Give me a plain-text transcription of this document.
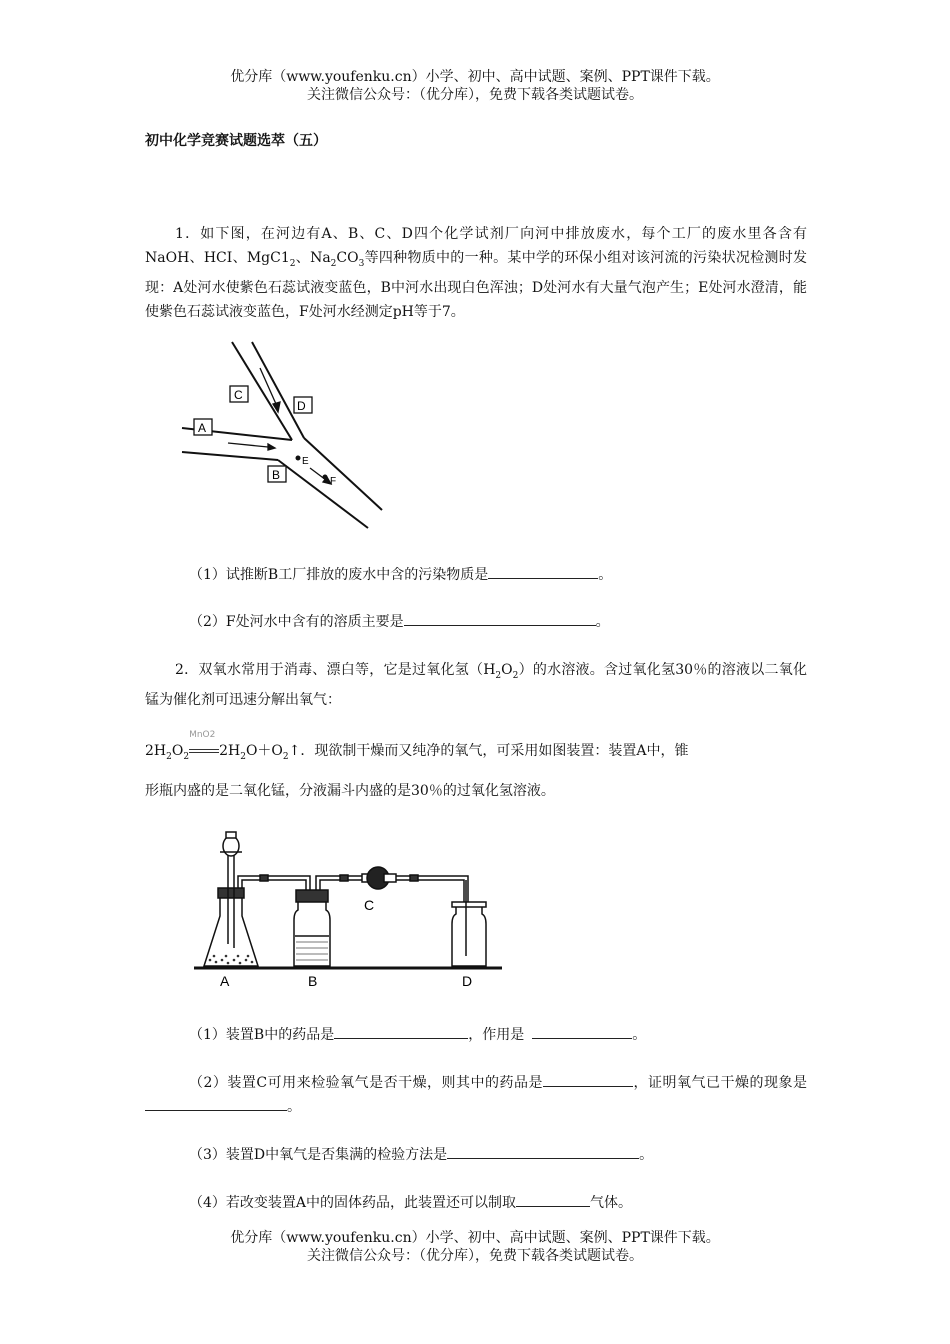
优分库（www.youfenku.cn）小学、初中、高中试题、案例、PPT课件下载。
关注微信公众号：（优分库），免费下载各类试题试卷。
初中化学竞赛试题选萃（五）
1．如下图，在河边有A、B、C、D四个化学试剂厂向河中排放废水，每个工厂的废水里各含有NaOH、HCI、$MgC1_2$、$Na_2CO_3$等四种物质中的一种。某中学的环保小组对该河流的污染状况检测时发现：A处河水使紫色石蕊试液变蓝色，B中河水出现白色浑浊；D处河水有大量气泡产生；E处河水澄清，能使紫色石蕊试液变蓝色，F处河水经测定pH等于7。
C
D
A
B
E
F
（1）试推断B工厂排放的废水中含的污染物质是	。
（2）F处河水中含有的溶质主要是	。
2．双氧水常用于消毒、漂白等，它是过氧化氢$(H_2O_2)$的水溶液。含过氧化氢30％的溶液以二氧化锰为催化剂可迅速分解出氧气：
$2H_2O_2$
MnO2
$2H_2O+O_2↑$．现欲制干燥而又纯净的氧气，可采用如图装置：装置A中，锥
形瓶内盛的是二氧化锰，分液漏斗内盛的是30％的过氧化氢溶液。
A	B
C
D
（1）装置B中的药品是	，作用是	。
（2）装置C可用来检验氧气是否干燥，则其中的药品是	，证明氧气已干燥的现象是。
（3）装置D中氧气是否集满的检验方法是	。
（4）若改变装置A中的固体药品，此装置还可以制取	气体。
优分库（www.youfenku.cn）小学、初中、高中试题、案例、PPT课件下载。
关注微信公众号：（优分库），免费下载各类试题试卷。
